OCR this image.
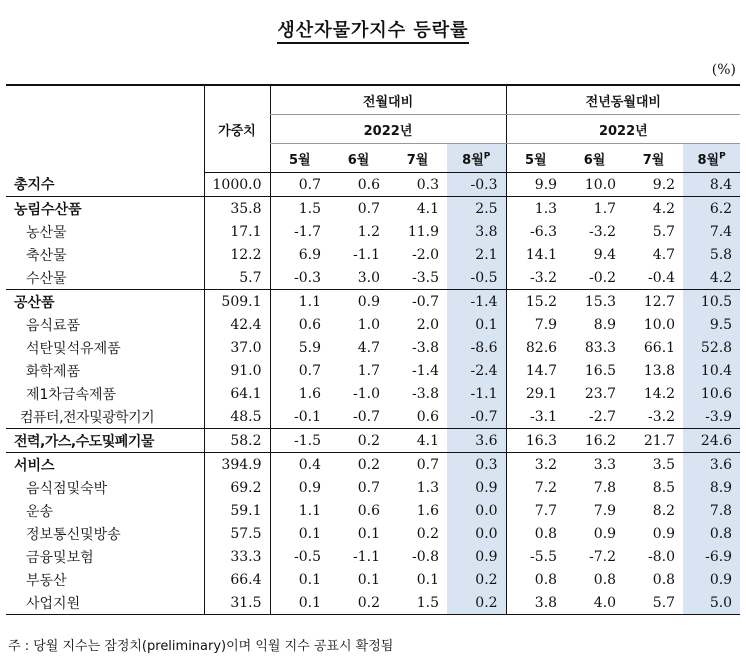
생산자물가지수 등락률
(%)
	가중치	전월대비				전년동월대비			
		2022년				2022년			
		5월	6월	7월	8월$^P$	5월	6월	7월	8월$^P$
총지수	1000.0	0.7	0.6	0.3	-0.3	9.9	10.0	9.2	8.4
농림수산품	35.8	1.5	0.7	4.1	2.5	1.3	1.7	4.2	6.2
농산물	17.1	-1.7	1.2	11.9	3.8	-6.3	-3.2	5.7	7.4
축산물	12.2	6.9	-1.1	-2.0	2.1	14.1	9.4	4.7	5.8
수산물	5.7	-0.3	3.0	-3.5	-0.5	-3.2	-0.2	-0.4	4.2
공산품	509.1	1.1	0.9	-0.7	-1.4	15.2	15.3	12.7	10.5
음식료품	42.4	0.6	1.0	2.0	0.1	7.9	8.9	10.0	9.5
석탄및석유제품	37.0	5.9	4.7	-3.8	-8.6	82.6	83.3	66.1	52.8
화학제품	91.0	0.7	1.7	-1.4	-2.4	14.7	16.5	13.8	10.4
제1차금속제품	64.1	1.6	-1.0	-3.8	-1.1	29.1	23.7	14.2	10.6
컴퓨터,전자및광학기기	48.5	-0.1	-0.7	0.6	-0.7	-3.1	-2.7	-3.2	-3.9
전력,가스,수도및폐기물	58.2	-1.5	0.2	4.1	3.6	16.3	16.2	21.7	24.6
서비스	394.9	0.4	0.2	0.7	0.3	3.2	3.3	3.5	3.6
음식점및숙박	69.2	0.9	0.7	1.3	0.9	7.2	7.8	8.5	8.9
운송	59.1	1.1	0.6	1.6	0.0	7.7	7.9	8.2	7.8
정보통신및방송	57.5	0.1	0.1	0.2	0.0	0.8	0.9	0.9	0.8
금융및보험	33.3	-0.5	-1.1	-0.8	0.9	-5.5	-7.2	-8.0	-6.9
부동산	66.4	0.1	0.1	0.1	0.2	0.8	0.8	0.8	0.9
사업지원	31.5	0.1	0.2	1.5	0.2	3.8	4.0	5.7	5.0
주 : 당월 지수는 잠정치(preliminary)이며 익월 지수 공표시 확정됨
